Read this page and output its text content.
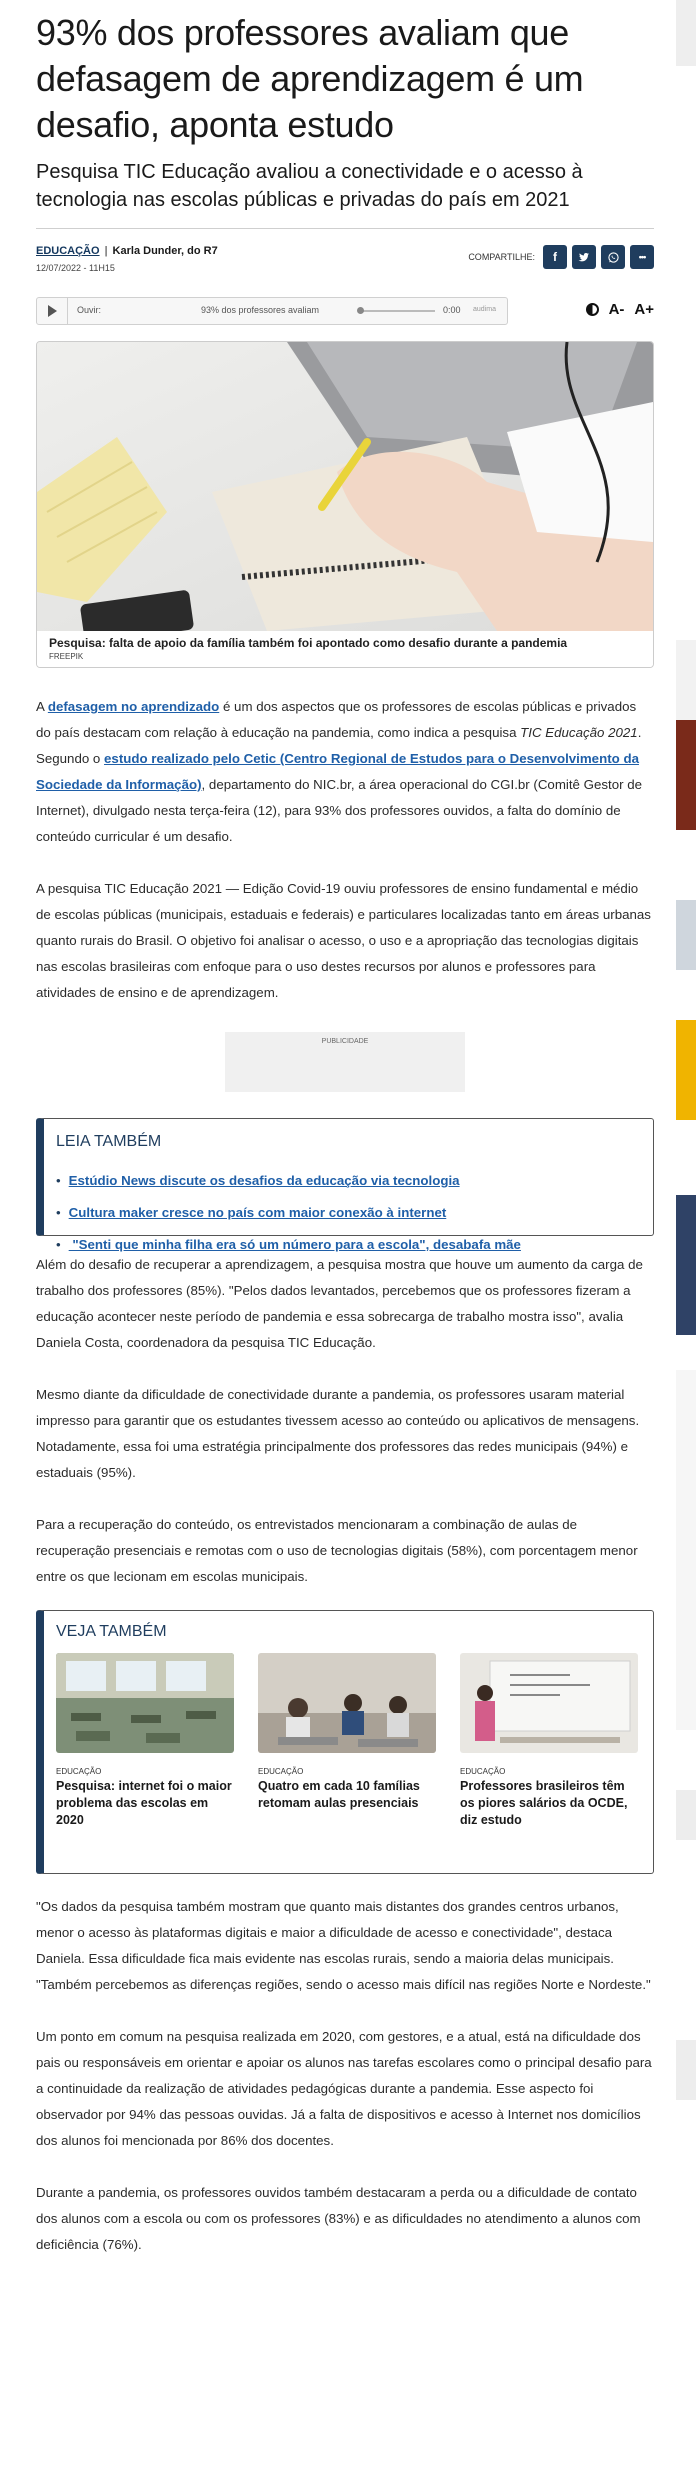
93% dos professores avaliam que defasagem de aprendizagem é um desafio, aponta estudo
Pesquisa TIC Educação avaliou a conectividade e o acesso à tecnologia nas escolas públicas e privadas do país em 2021
EDUCAÇÃO | Karla Dunder, do R7
12/07/2022 - 11H15
COMPARTILHE: f	•••
Ouvir:	93% dos professores avaliam	0:00 audima	A- A+
Pesquisa: falta de apoio da família também foi apontado como desafio durante a pandemia
FREEPIK

A defasagem no aprendizado é um dos aspectos que os professores de escolas públicas e privados do país destacam com relação à educação na pandemia, como indica a pesquisa TIC Educação 2021. Segundo o estudo realizado pelo Cetic (Centro Regional de Estudos para o Desenvolvimento da Sociedade da Informação), departamento do NIC.br, a área operacional do CGI.br (Comitê Gestor de Internet), divulgado nesta terça-feira (12), para 93% dos professores ouvidos, a falta do domínio de conteúdo curricular é um desafio.

A pesquisa TIC Educação 2021 — Edição Covid-19 ouviu professores de ensino fundamental e médio de escolas públicas (municipais, estaduais e federais) e particulares localizadas tanto em áreas urbanas quanto rurais do Brasil. O objetivo foi analisar o acesso, o uso e a apropriação das tecnologias digitais nas escolas brasileiras com enfoque para o uso destes recursos por alunos e professores para atividades de ensino e de aprendizagem.

PUBLICIDADE
LEIA TAMBÉM
• Estúdio News discute os desafios da educação via tecnologia
• Cultura maker cresce no país com maior conexão à internet
• "Senti que minha filha era só um número para a escola", desabafa mãe

Além do desafio de recuperar a aprendizagem, a pesquisa mostra que houve um aumento da carga de trabalho dos professores (85%). "Pelos dados levantados, percebemos que os professores fizeram a educação acontecer neste período de pandemia e essa sobrecarga de trabalho mostra isso", avalia Daniela Costa, coordenadora da pesquisa TIC Educação.

Mesmo diante da dificuldade de conectividade durante a pandemia, os professores usaram material impresso para garantir que os estudantes tivessem acesso ao conteúdo ou aplicativos de mensagens. Notadamente, essa foi uma estratégia principalmente dos professores das redes municipais (94%) e estaduais (95%).

Para a recuperação do conteúdo, os entrevistados mencionaram a combinação de aulas de recuperação presenciais e remotas com o uso de tecnologias digitais (58%), com porcentagem menor entre os que lecionam em escolas municipais.

VEJA TAMBÉM
EDUCAÇÃO
Pesquisa: internet foi o maior problema das escolas em 2020
EDUCAÇÃO
Quatro em cada 10 famílias retomam aulas presenciais
EDUCAÇÃO
Professores brasileiros têm os piores salários da OCDE, diz estudo

"Os dados da pesquisa também mostram que quanto mais distantes dos grandes centros urbanos, menor o acesso às plataformas digitais e maior a dificuldade de acesso e conectividade", destaca Daniela. Essa dificuldade fica mais evidente nas escolas rurais, sendo a maioria delas municipais. "Também percebemos as diferenças regiões, sendo o acesso mais difícil nas regiões Norte e Nordeste."

Um ponto em comum na pesquisa realizada em 2020, com gestores, e a atual, está na dificuldade dos pais ou responsáveis em orientar e apoiar os alunos nas tarefas escolares como o principal desafio para a continuidade da realização de atividades pedagógicas durante a pandemia. Esse aspecto foi observador por 94% das pessoas ouvidas. Já a falta de dispositivos e acesso à Internet nos domicílios dos alunos foi mencionada por 86% dos docentes.

Durante a pandemia, os professores ouvidos também destacaram a perda ou a dificuldade de contato dos alunos com a escola ou com os professores (83%) e as dificuldades no atendimento a alunos com deficiência (76%).
